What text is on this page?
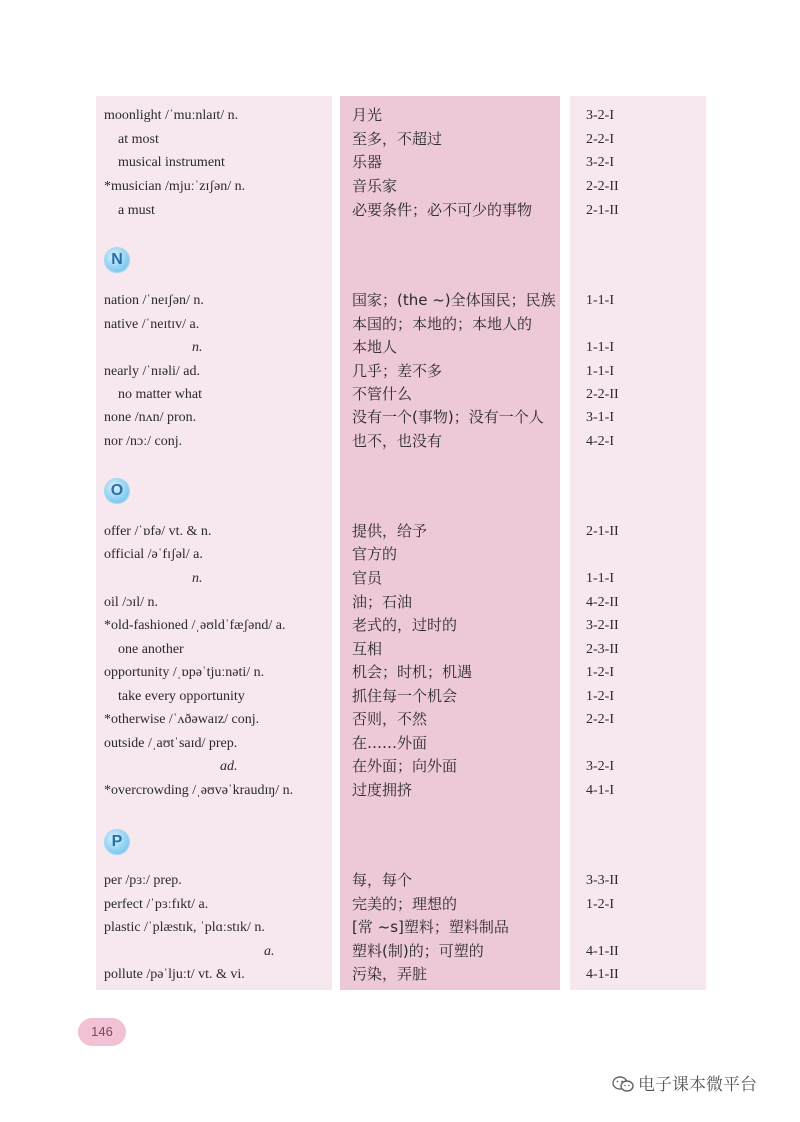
moonlight /ˈmuːnlaɪt/ n.	月光	3-2-I
at most	至多，不超过	2-2-I
musical instrument	乐器	3-2-I
*musician /mjuːˈzɪʃən/ n.	音乐家	2-2-II
a must	必要条件；必不可少的事物	2-1-II
N
nation /ˈneɪʃən/ n.	国家；(the ~)全体国民；民族 1-1-I
native /ˈneɪtɪv/ a.	本国的；本地的；本地人的
n.	本地人	1-1-I
nearly /ˈnɪəli/ ad.	几乎；差不多	1-1-I
no matter what	不管什么	2-2-II
none /nʌn/ pron.	没有一个(事物)；没有一个人	3-1-I
nor /nɔː/ conj.	也不，也没有	4-2-I
O
offer /ˈɒfə/ vt. & n.	提供，给予	2-1-II
official /əˈfɪʃəl/ a.	官方的
n.	官员	1-1-I
oil /ɔɪl/ n.	油；石油	4-2-II
*old-fashioned /ˌəʊldˈfæʃənd/ a.	老式的，过时的	3-2-II
one another	互相	2-3-II
opportunity /ˌɒpəˈtjuːnəti/ n.	机会；时机；机遇	1-2-I
take every opportunity	抓住每一个机会	1-2-I
*otherwise /ˈʌðəwaɪz/ conj.	否则，不然	2-2-I
outside /ˌaʊtˈsaɪd/ prep.	在……外面
ad.	在外面；向外面	3-2-I
*overcrowding /ˌəʊvəˈkraudɪŋ/ n.	过度拥挤	4-1-I
P
per /pɜː/ prep.	每，每个	3-3-II
perfect /ˈpɜːfɪkt/ a.	完美的；理想的	1-2-I
plastic /ˈplæstɪk, ˈplɑːstɪk/ n.	[常 ~s]塑料；塑料制品
a.	塑料(制)的；可塑的	4-1-II
pollute /pəˈljuːt/ vt. & vi.	污染，弄脏	4-1-II
146
电子课本微平台
